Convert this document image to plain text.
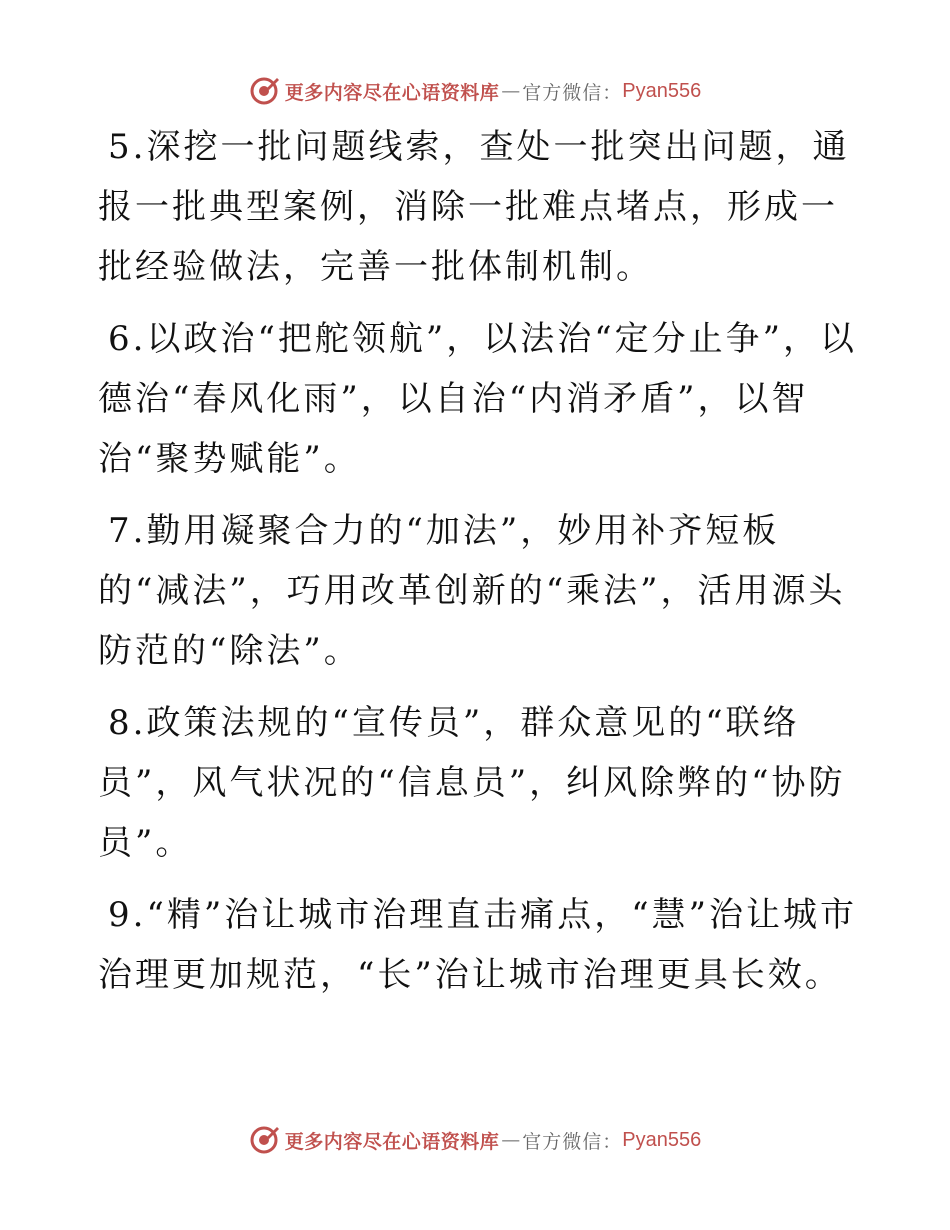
更多内容尽在心语资料库 — 官方微信： Pyan556

5.深挖一批问题线索，查处一批突出问题，通报一批典型案例，消除一批难点堵点，形成一批经验做法，完善一批体制机制。

6.以政治“把舵领航”，以法治“定分止争”，以德治“春风化雨”，以自治“内消矛盾”，以智治“聚势赋能”。

7.勤用凝聚合力的“加法”，妙用补齐短板的“减法”，巧用改革创新的“乘法”，活用源头防范的“除法”。

8.政策法规的“宣传员”，群众意见的“联络员”，风气状况的“信息员”，纠风除弊的“协防员”。

9.“精”治让城市治理直击痛点，“慧”治让城市治理更加规范，“长”治让城市治理更具长效。

更多内容尽在心语资料库 — 官方微信： Pyan556
